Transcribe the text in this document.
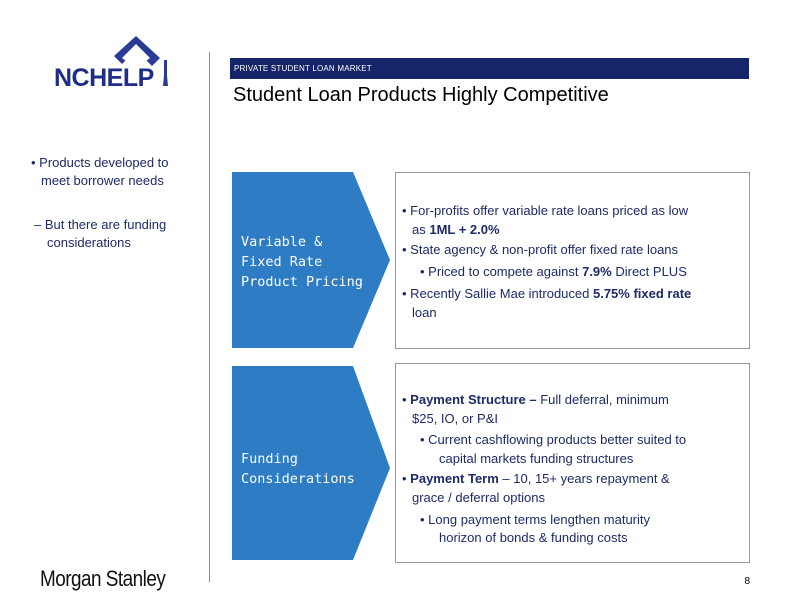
NCHELP	PRIVATE STUDENT LOAN MARKET
Student Loan Products Highly Competitive
• Products developed to
meet borrower needs
– But there are funding
considerations	Variable &
Fixed Rate
Product Pricing
Funding
Considerations
• For-profits offer variable rate loans priced as low
as 1ML + 2.0%
• State agency & non-profit offer fixed rate loans
• Priced to compete against 7.9% Direct PLUS
• Recently Sallie Mae introduced 5.75% fixed rate
loan
• Payment Structure – Full deferral, minimum
$25, IO, or P&I
• Current cashflowing products better suited to
capital markets funding structures
• Payment Term – 10, 15+ years repayment &
grace / deferral options
• Long payment terms lengthen maturity
horizon of bonds & funding costs
Morgan Stanley	8
